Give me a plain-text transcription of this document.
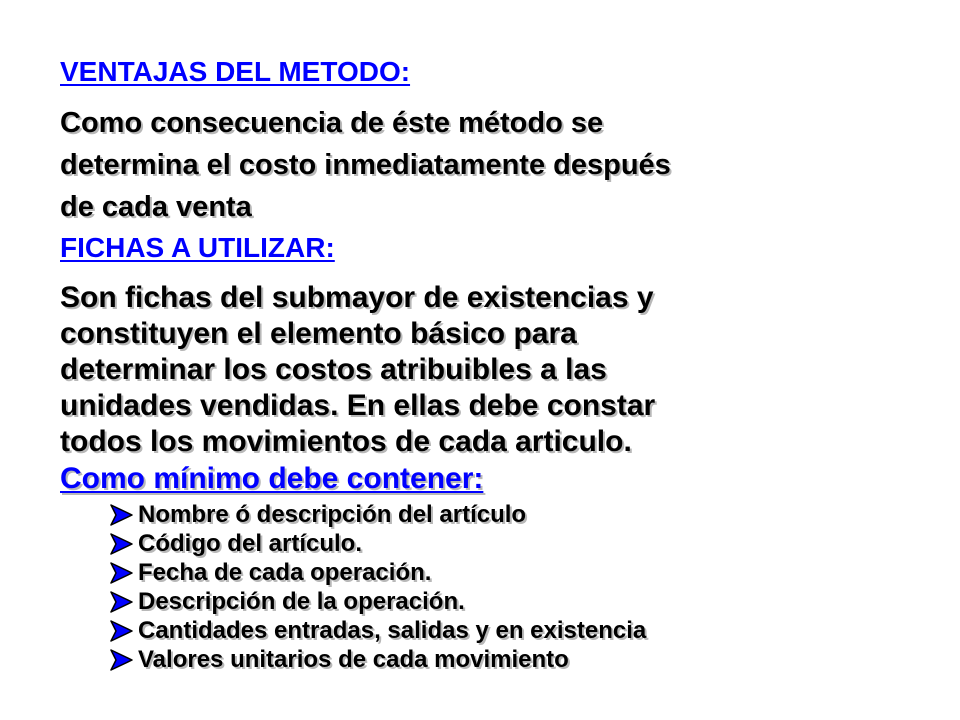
VENTAJAS DEL METODO:
Como consecuencia de éste método se
determina el costo inmediatamente después
de cada venta
FICHAS A UTILIZAR:
Son fichas del submayor de existencias y
constituyen el elemento básico para
determinar los costos atribuibles a las
unidades vendidas. En ellas debe constar
todos los movimientos de cada articulo.
Como mínimo debe contener:
Nombre ó descripción del artículo
Código del artículo.
Fecha de cada operación.
Descripción de la operación.
Cantidades entradas, salidas y en existencia
Valores unitarios de cada movimiento
